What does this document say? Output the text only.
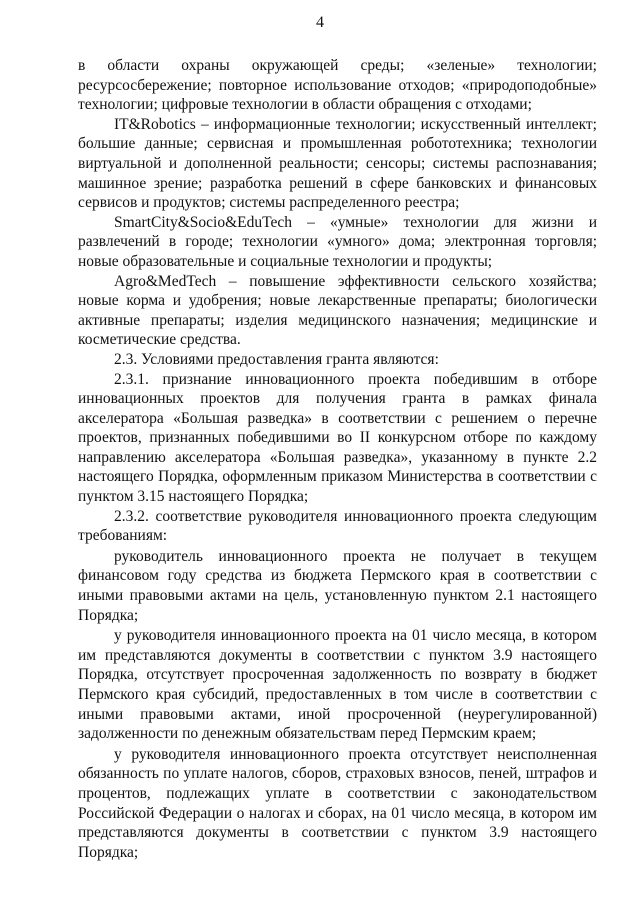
4

в области охраны окружающей среды; «зеленые» технологии; ресурсосбережение; повторное использование отходов; «природоподобные» технологии; цифровые технологии в области обращения с отходами;

IT&Robotics – информационные технологии; искусственный интеллект; большие данные; сервисная и промышленная робототехника; технологии виртуальной и дополненной реальности; сенсоры; системы распознавания; машинное зрение; разработка решений в сфере банковских и финансовых сервисов и продуктов; системы распределенного реестра;

SmartCity&Socio&EduTech – «умные» технологии для жизни и развлечений в городе; технологии «умного» дома; электронная торговля; новые образовательные и социальные технологии и продукты;

Agro&MedTech – повышение эффективности сельского хозяйства; новые корма и удобрения; новые лекарственные препараты; биологически активные препараты; изделия медицинского назначения; медицинские и косметические средства.

2.3. Условиями предоставления гранта являются:

2.3.1. признание инновационного проекта победившим в отборе инновационных проектов для получения гранта в рамках финала акселератора «Большая разведка» в соответствии с решением о перечне проектов, признанных победившими во II конкурсном отборе по каждому направлению акселератора «Большая разведка», указанному в пункте 2.2 настоящего Порядка, оформленным приказом Министерства в соответствии с пунктом 3.15 настоящего Порядка;

2.3.2. соответствие руководителя инновационного проекта следующим требованиям:

руководитель инновационного проекта не получает в текущем финансовом году средства из бюджета Пермского края в соответствии с иными правовыми актами на цель, установленную пунктом 2.1 настоящего Порядка;

у руководителя инновационного проекта на 01 число месяца, в котором им представляются документы в соответствии с пунктом 3.9 настоящего Порядка, отсутствует просроченная задолженность по возврату в бюджет Пермского края субсидий, предоставленных в том числе в соответствии с иными правовыми актами, иной просроченной (неурегулированной) задолженности по денежным обязательствам перед Пермским краем;

у руководителя инновационного проекта отсутствует неисполненная обязанность по уплате налогов, сборов, страховых взносов, пеней, штрафов и процентов, подлежащих уплате в соответствии с законодательством Российской Федерации о налогах и сборах, на 01 число месяца, в котором им представляются документы в соответствии с пунктом 3.9 настоящего Порядка;
